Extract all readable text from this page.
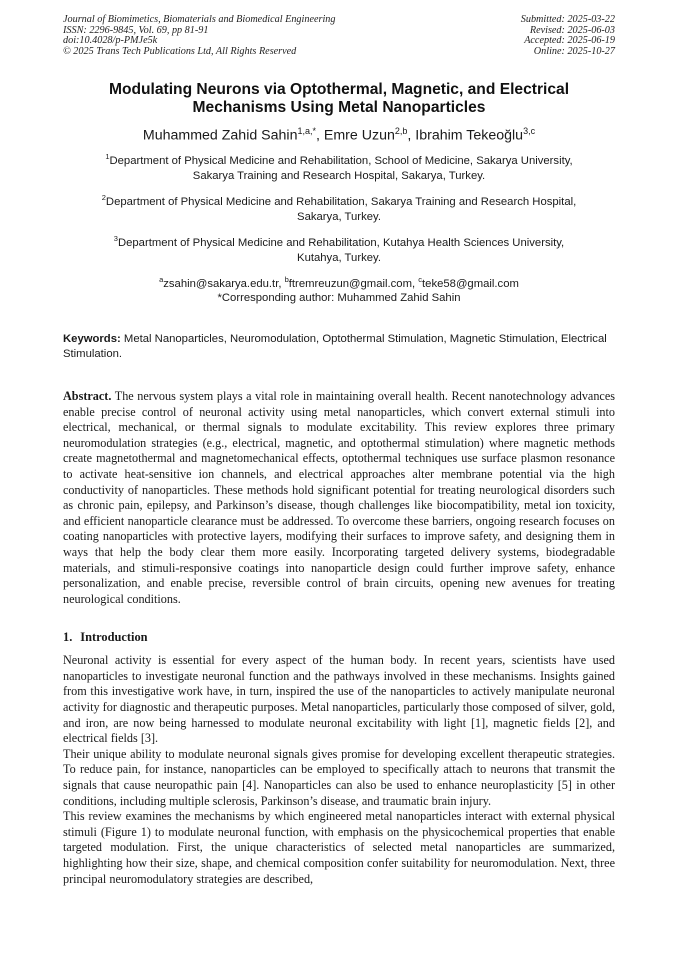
Journal of Biomimetics, Biomaterials and Biomedical Engineering
ISSN: 2296-9845, Vol. 69, pp 81-91
doi:10.4028/p-PMJe5k
© 2025 Trans Tech Publications Ltd, All Rights Reserved
Submitted: 2025-03-22
Revised: 2025-06-03
Accepted: 2025-06-19
Online: 2025-10-27
Modulating Neurons via Optothermal, Magnetic, and Electrical
Mechanisms Using Metal Nanoparticles
Muhammed Zahid Sahin$^{1,a,*}$, Emre Uzun$^{2,b}$, Ibrahim Tekeoğlu$^{3,c}$

$^1$Department of Physical Medicine and Rehabilitation, School of Medicine, Sakarya University,
Sakarya Training and Research Hospital, Sakarya, Turkey.

$^2$Department of Physical Medicine and Rehabilitation, Sakarya Training and Research Hospital,
Sakarya, Turkey.

$^3$Department of Physical Medicine and Rehabilitation, Kutahya Health Sciences University,
Kutahya, Turkey.

$^a$zsahin@sakarya.edu.tr, $^b$ftremreuzun@gmail.com, $^c$teke58@gmail.com
*Corresponding author: Muhammed Zahid Sahin
Keywords: Metal Nanoparticles, Neuromodulation, Optothermal Stimulation, Magnetic Stimulation, Electrical Stimulation.

Abstract. The nervous system plays a vital role in maintaining overall health. Recent nanotechnology advances enable precise control of neuronal activity using metal nanoparticles, which convert external stimuli into electrical, mechanical, or thermal signals to modulate excitability. This review explores three primary neuromodulation strategies (e.g., electrical, magnetic, and optothermal stimulation) where magnetic methods create magnetothermal and magnetomechanical effects, optothermal techniques use surface plasmon resonance to activate heat-sensitive ion channels, and electrical approaches alter membrane potential via the high conductivity of nanoparticles. These methods hold significant potential for treating neurological disorders such as chronic pain, epilepsy, and Parkinson’s disease, though challenges like biocompatibility, metal ion toxicity, and efficient nanoparticle clearance must be addressed. To overcome these barriers, ongoing research focuses on coating nanoparticles with protective layers, modifying their surfaces to improve safety, and designing them in ways that help the body clear them more easily. Incorporating targeted delivery systems, biodegradable materials, and stimuli-responsive coatings into nanoparticle design could further improve safety, enhance personalization, and enable precise, reversible control of brain circuits, opening new avenues for treating neurological conditions.

1. Introduction

Neuronal activity is essential for every aspect of the human body. In recent years, scientists have used nanoparticles to investigate neuronal function and the pathways involved in these mechanisms. Insights gained from this investigative work have, in turn, inspired the use of the nanoparticles to actively manipulate neuronal activity for diagnostic and therapeutic purposes. Metal nanoparticles, particularly those composed of silver, gold, and iron, are now being harnessed to modulate neuronal excitability with light [1], magnetic fields [2], and electrical fields [3].

Their unique ability to modulate neuronal signals gives promise for developing excellent therapeutic strategies. To reduce pain, for instance, nanoparticles can be employed to specifically attach to neurons that transmit the signals that cause neuropathic pain [4]. Nanoparticles can also be used to enhance neuroplasticity [5] in other conditions, including multiple sclerosis, Parkinson’s disease, and traumatic brain injury.

This review examines the mechanisms by which engineered metal nanoparticles interact with external physical stimuli (Figure 1) to modulate neuronal function, with emphasis on the physicochemical properties that enable targeted modulation. First, the unique characteristics of selected metal nanoparticles are summarized, highlighting how their size, shape, and chemical composition confer suitability for neuromodulation. Next, three principal neuromodulatory strategies are described,
